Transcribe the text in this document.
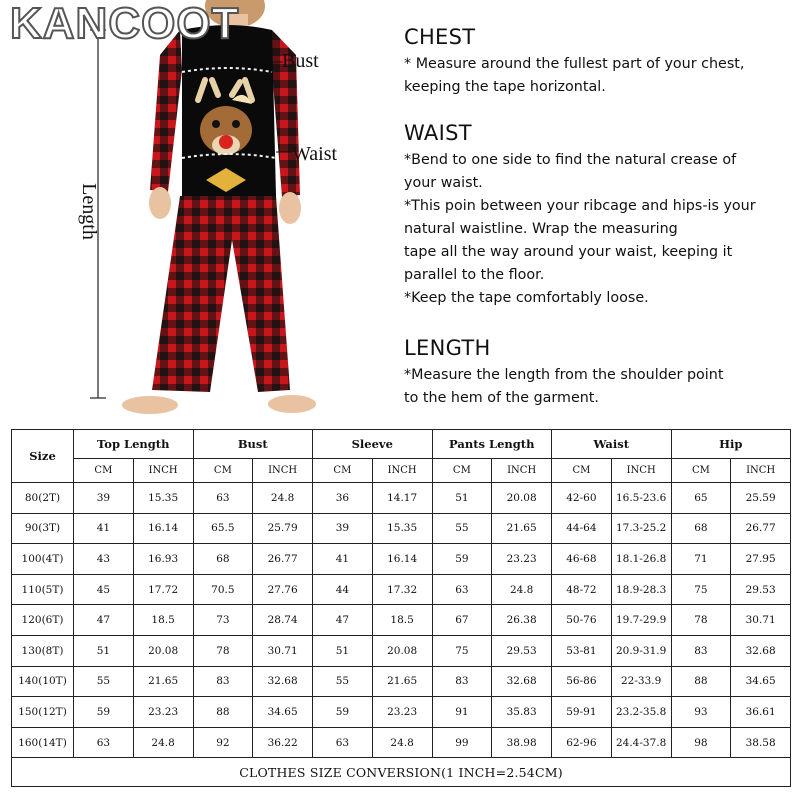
KANCOOT
Bust
Waist
Length
CHEST

* Measure around the fullest part of your chest,

keeping the tape horizontal.

WAIST

*Bend to one side to find the natural crease of

your waist.

*This poin between your ribcage and hips-is your

natural waistline. Wrap the measuring

tape all the way around your waist, keeping it

parallel to the floor.

*Keep the tape comfortably loose.

LENGTH

*Measure the length from the shoulder point

to the hem of the garment.

Size	Top Length		Bust		Sleeve		Pants Length		Waist		Hip	
	CM	INCH	CM	INCH	CM	INCH	CM	INCH	CM	INCH	CM	INCH
80(2T)	39	15.35	63	24.8	36	14.17	51	20.08	42-60	16.5-23.6	65	25.59
90(3T)	41	16.14	65.5	25.79	39	15.35	55	21.65	44-64	17.3-25.2	68	26.77
100(4T)	43	16.93	68	26.77	41	16.14	59	23.23	46-68	18.1-26.8	71	27.95
110(5T)	45	17.72	70.5	27.76	44	17.32	63	24.8	48-72	18.9-28.3	75	29.53
120(6T)	47	18.5	73	28.74	47	18.5	67	26.38	50-76	19.7-29.9	78	30.71
130(8T)	51	20.08	78	30.71	51	20.08	75	29.53	53-81	20.9-31.9	83	32.68
140(10T)	55	21.65	83	32.68	55	21.65	83	32.68	56-86	22-33.9	88	34.65
150(12T)	59	23.23	88	34.65	59	23.23	91	35.83	59-91	23.2-35.8	93	36.61
160(14T)	63	24.8	92	36.22	63	24.8	99	38.98	62-96	24.4-37.8	98	38.58
CLOTHES SIZE CONVERSION(1 INCH=2.54CM)												
